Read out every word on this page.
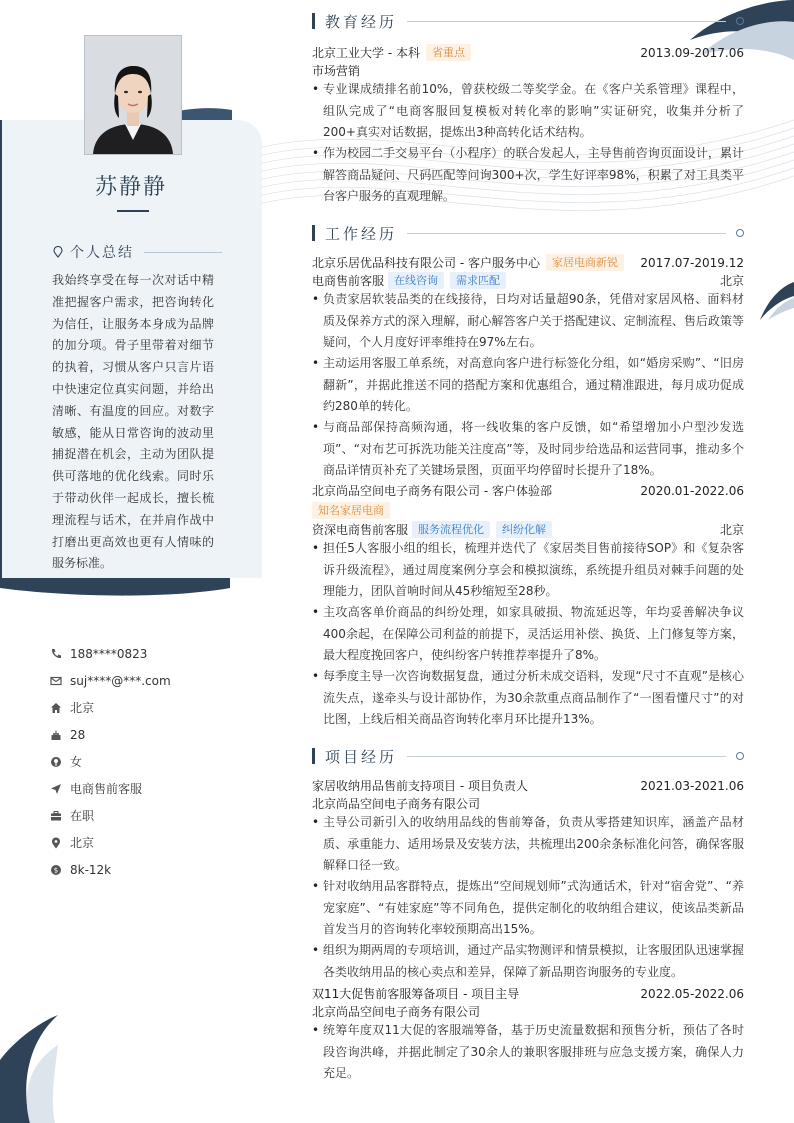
苏静静
个人总结
我始终享受在每一次对话中精准把握客户需求，把咨询转化为信任，让服务本身成为品牌的加分项。骨子里带着对细节的执着，习惯从客户只言片语中快速定位真实问题，并给出清晰、有温度的回应。对数字敏感，能从日常咨询的波动里捕捉潜在机会，主动为团队提供可落地的优化线索。同时乐于带动伙伴一起成长，擅长梳理流程与话术，在并肩作战中打磨出更高效也更有人情味的服务标准。
188****0823
suj****@***.com
北京
28
女
电商售前客服
在职
北京
$ 8k-12k
教育经历
北京工业大学 - 本科	省重点	2013.09-2017.06
市场营销
• 专业课成绩排名前10%，曾获校级二等奖学金。在《客户关系管理》课程中，组队完成了“电商客服回复模板对转化率的影响”实证研究，收集并分析了200+真实对话数据，提炼出3种高转化话术结构。
• 作为校园二手交易平台（小程序）的联合发起人，主导售前咨询页面设计，累计解答商品疑问、尺码匹配等问询300+次，学生好评率98%，积累了对工具类平台客户服务的直观理解。
工作经历
北京乐居优品科技有限公司 - 客户服务中心	家居电商新锐	2017.07-2019.12
电商售前客服 在线咨询	需求匹配	北京
• 负责家居软装品类的在线接待，日均对话量超90条，凭借对家居风格、面料材质及保养方式的深入理解，耐心解答客户关于搭配建议、定制流程、售后政策等疑问，个人月度好评率维持在97%左右。
• 主动运用客服工单系统，对高意向客户进行标签化分组，如“婚房采购”、“旧房翻新”，并据此推送不同的搭配方案和优惠组合，通过精准跟进，每月成功促成约280单的转化。
• 与商品部保持高频沟通，将一线收集的客户反馈，如“希望增加小户型沙发选项”、“对布艺可拆洗功能关注度高”等，及时同步给选品和运营同事，推动多个商品详情页补充了关键场景图，页面平均停留时长提升了18%。
北京尚品空间电子商务有限公司 - 客户体验部	2020.01-2022.06
知名家居电商
资深电商售前客服 服务流程优化	纠纷化解	北京
• 担任5人客服小组的组长，梳理并迭代了《家居类目售前接待SOP》和《复杂客诉升级流程》，通过周度案例分享会和模拟演练，系统提升组员对棘手问题的处理能力，团队首响时间从45秒缩短至28秒。
• 主攻高客单价商品的纠纷处理，如家具破损、物流延迟等，年均妥善解决争议400余起，在保障公司利益的前提下，灵活运用补偿、换货、上门修复等方案，最大程度挽回客户，使纠纷客户转推荐率提升了8%。
• 每季度主导一次咨询数据复盘，通过分析未成交语料，发现“尺寸不直观”是核心流失点，遂牵头与设计部协作，为30余款重点商品制作了“一图看懂尺寸”的对比图，上线后相关商品咨询转化率月环比提升13%。
项目经历
家居收纳用品售前支持项目 - 项目负责人	2021.03-2021.06
北京尚品空间电子商务有限公司
• 主导公司新引入的收纳用品线的售前筹备，负责从零搭建知识库，涵盖产品材质、承重能力、适用场景及安装方法，共梳理出200余条标准化问答，确保客服解释口径一致。
• 针对收纳用品客群特点，提炼出“空间规划师”式沟通话术，针对“宿舍党”、“养宠家庭”、“有娃家庭”等不同角色，提供定制化的收纳组合建议，使该品类新品首发当月的咨询转化率较预期高出15%。
• 组织为期两周的专项培训，通过产品实物测评和情景模拟，让客服团队迅速掌握各类收纳用品的核心卖点和差异，保障了新品期咨询服务的专业度。
双11大促售前客服筹备项目 - 项目主导	2022.05-2022.06
北京尚品空间电子商务有限公司
• 统筹年度双11大促的客服端筹备，基于历史流量数据和预售分析，预估了各时段咨询洪峰，并据此制定了30余人的兼职客服排班与应急支援方案，确保人力充足。
